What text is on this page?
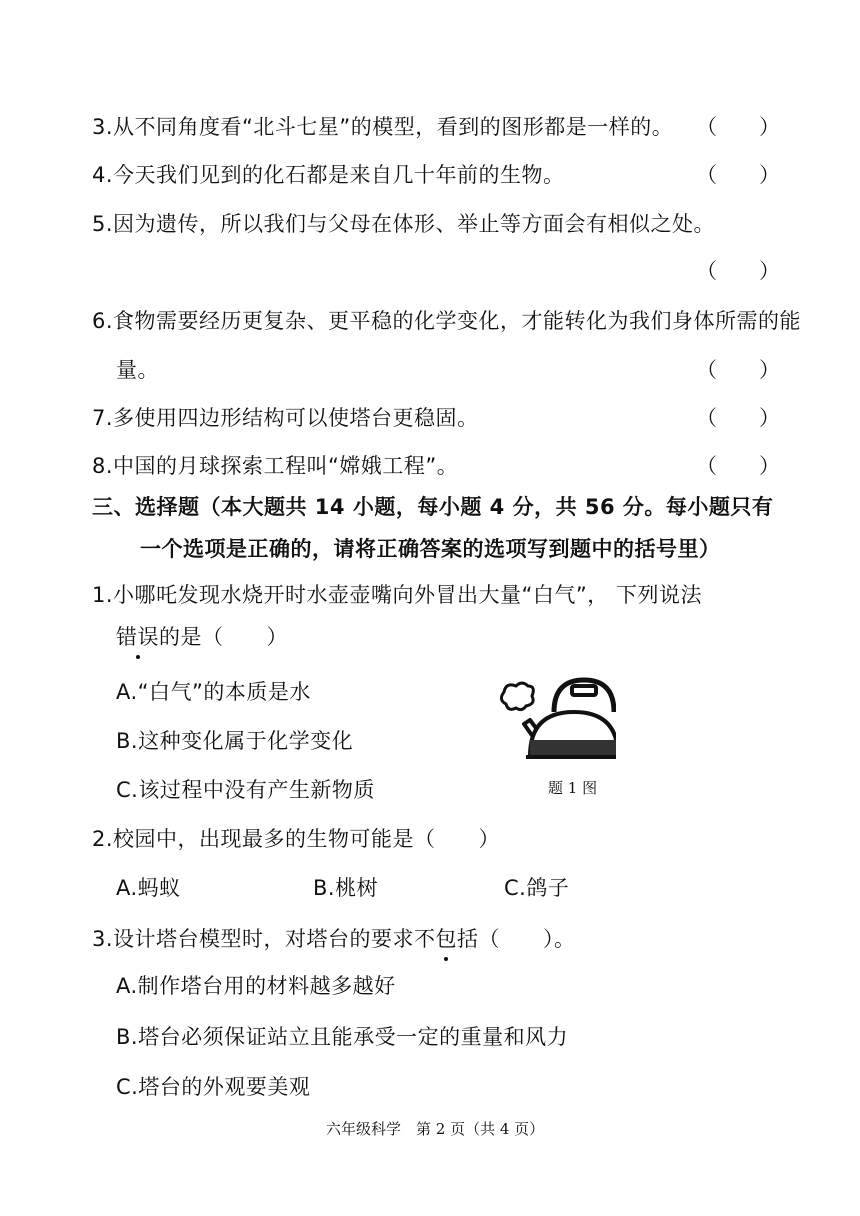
3.从不同角度看“北斗七星”的模型，看到的图形都是一样的。 （　　）
4.今天我们见到的化石都是来自几十年前的生物。	（　　）
5.因为遗传，所以我们与父母在体形、举止等方面会有相似之处。
（　　）
6.食物需要经历更复杂、更平稳的化学变化，才能转化为我们身体所需的能
量。	（　　）
7.多使用四边形结构可以使塔台更稳固。	（　　）
8.中国的月球探索工程叫“嫦娥工程”。	（　　）
三、选择题（本大题共 14 小题，每小题 4 分，共 56 分。每小题只有
一个选项是正确的，请将正确答案的选项写到题中的括号里）
1.小哪吒发现水烧开时水壶壶嘴向外冒出大量“白气”， 下列说法
错误的是（　　）
A.“白气”的本质是水
B.这种变化属于化学变化
C.该过程中没有产生新物质	题 1 图
2.校园中，出现最多的生物可能是（　　）
A.蚂蚁	B.桃树	C.鸽子
3.设计塔台模型时，对塔台的要求不包括（　　）。
A.制作塔台用的材料越多越好
B.塔台必须保证站立且能承受一定的重量和风力
C.塔台的外观要美观
六年级科学　第 2 页（共 4 页）
